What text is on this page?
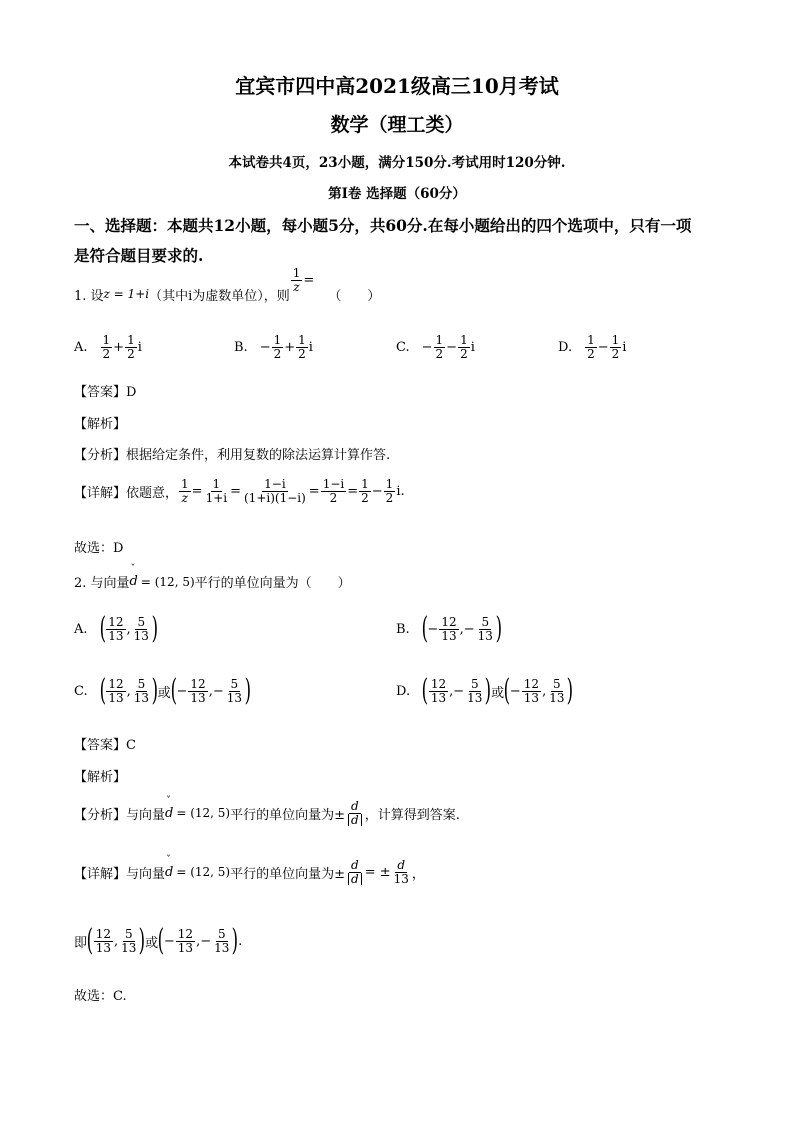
宜宾市四中高2021级高三10月考试
数学（理工类）
本试卷共4页，23小题，满分150分.考试用时120分钟.
第I卷 选择题（60分）
一、选择题：本题共12小题，每小题5分，共60分.在每小题给出的四个选项中，只有一项
是符合题目要求的.
1. 设 z = 1+i （其中i为虚数单位），则
$\frac{1}{z}$ =
（　　）
A. $\frac{1}{2} + \frac{1}{2}$ i	B. − $\frac{1}{2} + \frac{1}{2}$ i	C. − $\frac{1}{2} - \frac{1}{2}$ i	D. $\frac{1}{2} - \frac{1}{2}$ i
【答案】D
【解析】
【分析】根据给定条件，利用复数的除法运算计算作答.
【详解】依题意， $\frac{1}{z} = \frac{1}{1+i} = \frac{1-i}{(1+i)(1-i)} = \frac{1-i}{2} = \frac{1}{2} - \frac{1}{2}$ i .
故选：D
2. 与向量 ˇ d = (12, 5) 平行的单位向量为（　　）
A. ( $\frac{12}{13}$ , $\frac{5}{13}$ )	B. ( − $\frac{12}{13}$ , − $\frac{5}{13}$ )
C. ( $\frac{12}{13}$ , $\frac{5}{13}$ ) 或 ( − $\frac{12}{13}$ , − $\frac{5}{13}$ )	D. ( $\frac{12}{13}$ , − $\frac{5}{13}$ ) 或 ( − $\frac{12}{13}$ , $\frac{5}{13}$ )
【答案】C
【解析】
【分析】与向量 ˇ d = (12, 5) 平行的单位向量为± $\frac{d}{d}$ ，计算得到答案.
【详解】与向量 ˇ d = (12, 5) 平行的单位向量为± $\frac{d}{d}$ = ± $\frac{d}{13}$ ，
即 ( $\frac{12}{13}$ , $\frac{5}{13}$ ) 或 ( − $\frac{12}{13}$ , − $\frac{5}{13}$ ) .
故选：C.
